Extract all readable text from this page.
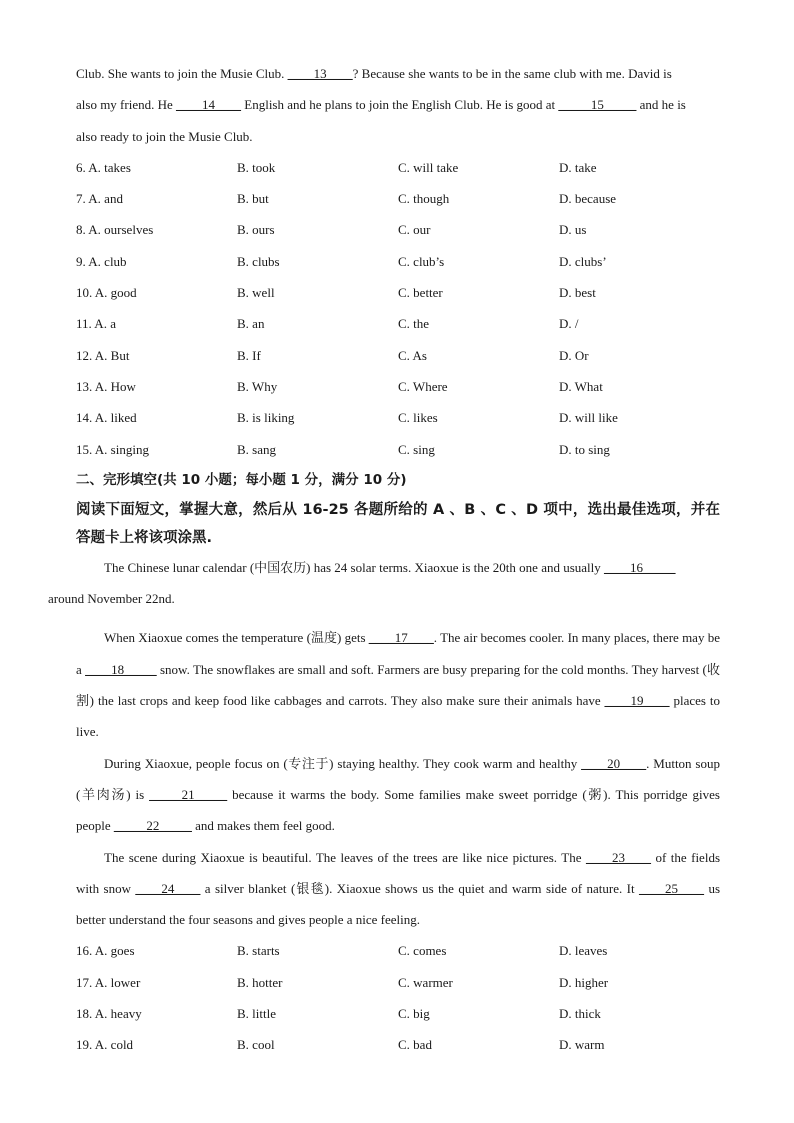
Club. She wants to join the Musie Club. ____13____? Because she wants to be in the same club with me. David is
also my friend. He ____14____ English and he plans to join the English Club. He is good at _____15_____ and he is
also ready to join the Musie Club.

6. A. takes	B. took	C. will take	D. take
7. A. and	B. but	C. though	D. because
8. A. ourselves	B. ours	C. our	D. us
9. A. club	B. clubs	C. club’s	D. clubs’
10. A. good	B. well	C. better	D. best
11. A. a	B. an	C. the	D. /
12. A. But	B. If	C. As	D. Or
13. A. How	B. Why	C. Where	D. What
14. A. liked	B. is liking	C. likes	D. will like
15. A. singing	B. sang	C. sing	D. to sing

二、完形填空(共 10 小题；每小题 1 分，满分 10 分)

阅读下面短文，掌握大意，然后从 16-25 各题所给的 A 、B 、C 、D 项中，选出最佳选项，并在 答题卡上将该项涂黑.

The Chinese lunar calendar (中国农历) has 24 solar terms. Xiaoxue is the 20th one and usually ____16_____
around November 22nd.

When Xiaoxue comes the temperature (温度) gets ____17____. The air becomes cooler. In many places, there may be a ____18_____ snow. The snowflakes are small and soft. Farmers are busy preparing for the cold months. They harvest (收割) the last crops and keep food like cabbages and carrots. They also make sure their animals have ____19____ places to live.

During Xiaoxue, people focus on (专注于) staying healthy. They cook warm and healthy ____20____. Mutton soup (羊肉汤) is _____21_____ because it warms the body. Some families make sweet porridge (粥). This porridge gives people _____22_____ and makes them feel good.

The scene during Xiaoxue is beautiful. The leaves of the trees are like nice pictures. The ____23____ of the fields with snow ____24____ a silver blanket (银毯). Xiaoxue shows us the quiet and warm side of nature. It ____25____ us better understand the four seasons and gives people a nice feeling.

16. A. goes	B. starts	C. comes	D. leaves
17. A. lower	B. hotter	C. warmer	D. higher
18. A. heavy	B. little	C. big	D. thick
19. A. cold	B. cool	C. bad	D. warm
